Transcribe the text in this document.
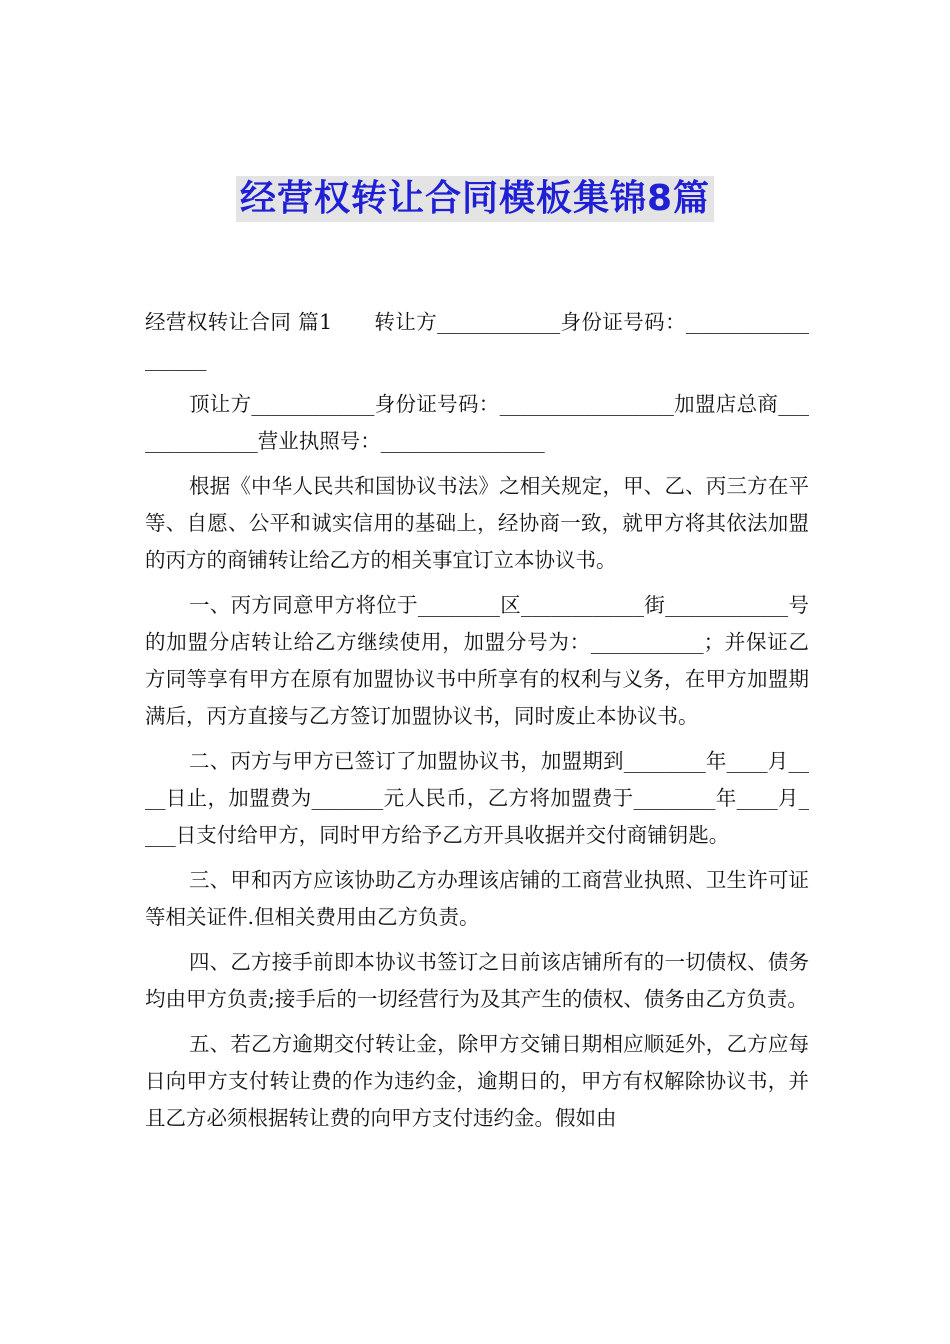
经营权转让合同模板集锦8篇

经营权转让合同 篇1　　转让方____________身份证号码：__________________

顶让方____________身份证号码：_________________加盟店总商______________营业执照号：________________

根据《中华人民共和国协议书法》之相关规定，甲、乙、丙三方在平等、自愿、公平和诚实信用的基础上，经协商一致，就甲方将其依法加盟的丙方的商铺转让给乙方的相关事宜订立本协议书。

一、丙方同意甲方将位于________区____________街____________号的加盟分店转让给乙方继续使用，加盟分号为：___________；并保证乙方同等享有甲方在原有加盟协议书中所享有的权利与义务，在甲方加盟期满后，丙方直接与乙方签订加盟协议书，同时废止本协议书。

二、丙方与甲方已签订了加盟协议书，加盟期到________年____月____日止，加盟费为_______元人民币，乙方将加盟费于________年____月____日支付给甲方，同时甲方给予乙方开具收据并交付商铺钥匙。

三、甲和丙方应该协助乙方办理该店铺的工商营业执照、卫生许可证等相关证件.但相关费用由乙方负责。

四、乙方接手前即本协议书签订之日前该店铺所有的一切债权、债务均由甲方负责;接手后的一切经营行为及其产生的债权、债务由乙方负责。

五、若乙方逾期交付转让金，除甲方交铺日期相应顺延外，乙方应每日向甲方支付转让费的作为违约金，逾期日的，甲方有权解除协议书，并且乙方必须根据转让费的向甲方支付违约金。假如由
